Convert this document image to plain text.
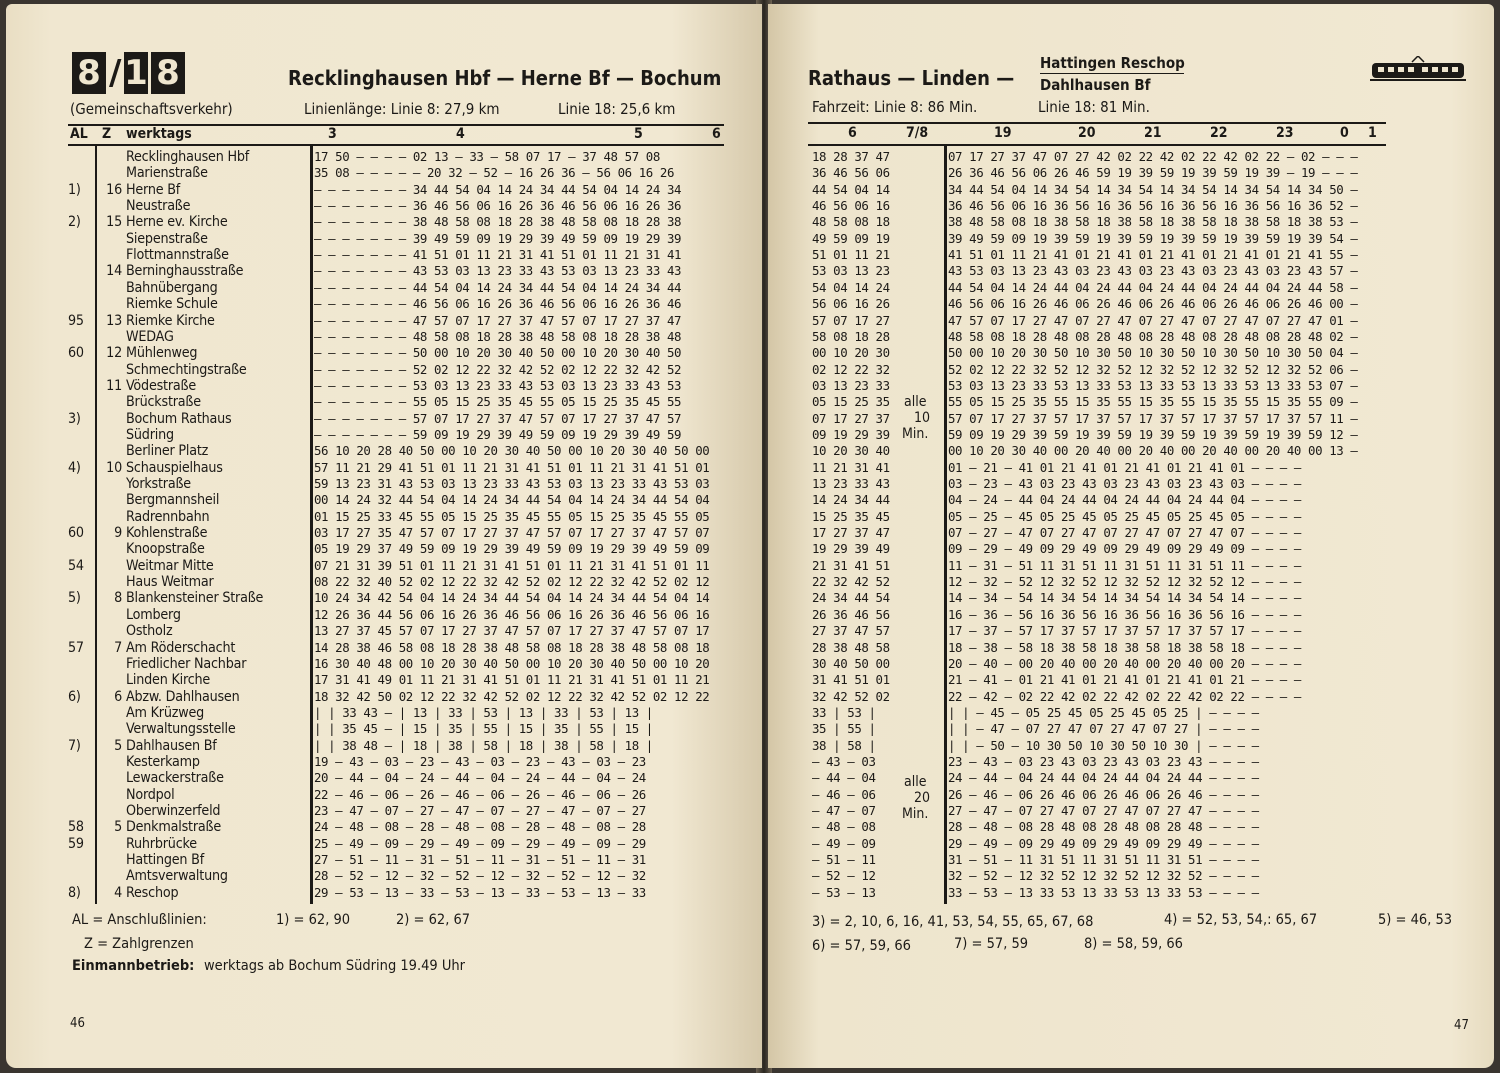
8 / 1 8	Recklinghausen Hbf — Herne Bf — Bochum
(Gemeinschaftsverkehr)	Linienlänge: Linie 8: 27,9 km	Linie 18: 25,6 km
AL Z werktags	3	4	5	6
Recklinghausen Hbf	17 50 — — — — 02 13 — 33 — 58 07 17 — 37 48 57 08
Marienstraße	35 08 — — — — — 20 32 — 52 — 16 26 36 — 56 06 16 26
1) 16 Herne Bf	— — — — — — — 34 44 54 04 14 24 34 44 54 04 14 24 34
Neustraße	— — — — — — — 36 46 56 06 16 26 36 46 56 06 16 26 36
2) 15 Herne ev. Kirche	— — — — — — — 38 48 58 08 18 28 38 48 58 08 18 28 38
Siepenstraße	— — — — — — — 39 49 59 09 19 29 39 49 59 09 19 29 39
Flottmannstraße	— — — — — — — 41 51 01 11 21 31 41 51 01 11 21 31 41
14 Berninghausstraße	— — — — — — — 43 53 03 13 23 33 43 53 03 13 23 33 43
Bahnübergang	— — — — — — — 44 54 04 14 24 34 44 54 04 14 24 34 44
Riemke Schule	— — — — — — — 46 56 06 16 26 36 46 56 06 16 26 36 46
95 13 Riemke Kirche	— — — — — — — 47 57 07 17 27 37 47 57 07 17 27 37 47
WEDAG	— — — — — — — 48 58 08 18 28 38 48 58 08 18 28 38 48
60 12 Mühlenweg	— — — — — — — 50 00 10 20 30 40 50 00 10 20 30 40 50
Schmechtingstraße	— — — — — — — 52 02 12 22 32 42 52 02 12 22 32 42 52
11 Vödestraße	— — — — — — — 53 03 13 23 33 43 53 03 13 23 33 43 53
Brückstraße	— — — — — — — 55 05 15 25 35 45 55 05 15 25 35 45 55
3)	Bochum Rathaus	— — — — — — — 57 07 17 27 37 47 57 07 17 27 37 47 57
Südring	— — — — — — — 59 09 19 29 39 49 59 09 19 29 39 49 59
Berliner Platz	56 10 20 28 40 50 00 10 20 30 40 50 00 10 20 30 40 50 00
4) 10 Schauspielhaus	57 11 21 29 41 51 01 11 21 31 41 51 01 11 21 31 41 51 01
Yorkstraße	59 13 23 31 43 53 03 13 23 33 43 53 03 13 23 33 43 53 03
Bergmannsheil	00 14 24 32 44 54 04 14 24 34 44 54 04 14 24 34 44 54 04
Radrennbahn	01 15 25 33 45 55 05 15 25 35 45 55 05 15 25 35 45 55 05
60	9 Kohlenstraße	03 17 27 35 47 57 07 17 27 37 47 57 07 17 27 37 47 57 07
Knoopstraße	05 19 29 37 49 59 09 19 29 39 49 59 09 19 29 39 49 59 09
54	Weitmar Mitte	07 21 31 39 51 01 11 21 31 41 51 01 11 21 31 41 51 01 11
Haus Weitmar	08 22 32 40 52 02 12 22 32 42 52 02 12 22 32 42 52 02 12
5)	8 Blankensteiner Straße	10 24 34 42 54 04 14 24 34 44 54 04 14 24 34 44 54 04 14
Lomberg	12 26 36 44 56 06 16 26 36 46 56 06 16 26 36 46 56 06 16
Ostholz	13 27 37 45 57 07 17 27 37 47 57 07 17 27 37 47 57 07 17
57	7 Am Röderschacht	14 28 38 46 58 08 18 28 38 48 58 08 18 28 38 48 58 08 18
Friedlicher Nachbar	16 30 40 48 00 10 20 30 40 50 00 10 20 30 40 50 00 10 20
Linden Kirche	17 31 41 49 01 11 21 31 41 51 01 11 21 31 41 51 01 11 21
6)	6 Abzw. Dahlhausen	18 32 42 50 02 12 22 32 42 52 02 12 22 32 42 52 02 12 22
Am Krüzweg	| | 33 43 — | 13 | 33 | 53 | 13 | 33 | 53 | 13 |
Verwaltungsstelle	| | 35 45 — | 15 | 35 | 55 | 15 | 35 | 55 | 15 |
7)	5 Dahlhausen Bf	| | 38 48 — | 18 | 38 | 58 | 18 | 38 | 58 | 18 |
Kesterkamp	19 — 43 — 03 — 23 — 43 — 03 — 23 — 43 — 03 — 23
Lewackerstraße	20 — 44 — 04 — 24 — 44 — 04 — 24 — 44 — 04 — 24
Nordpol	22 — 46 — 06 — 26 — 46 — 06 — 26 — 46 — 06 — 26
Oberwinzerfeld	23 — 47 — 07 — 27 — 47 — 07 — 27 — 47 — 07 — 27
58	5 Denkmalstraße	24 — 48 — 08 — 28 — 48 — 08 — 28 — 48 — 08 — 28
59	Ruhrbrücke	25 — 49 — 09 — 29 — 49 — 09 — 29 — 49 — 09 — 29
Hattingen Bf	27 — 51 — 11 — 31 — 51 — 11 — 31 — 51 — 11 — 31
Amtsverwaltung	28 — 52 — 12 — 32 — 52 — 12 — 32 — 52 — 12 — 32
8)	4 Reschop	29 — 53 — 13 — 33 — 53 — 13 — 33 — 53 — 13 — 33
AL = Anschlußlinien:	1) = 62, 90	2) = 62, 67
Z = Zahlgrenzen
Einmannbetrieb: werktags ab Bochum Südring 19.49 Uhr
46
Rathaus — Linden —
Hattingen Reschop
Dahlhausen Bf
Fahrzeit: Linie 8: 86 Min.	Linie 18: 81 Min.
6	7/8	19	20	21	22	23	0 1
alle
10
Min.
alle
20
Min.
18 28 37 47	07 17 27 37 47 07 27 42 02 22 42 02 22 42 02 22 — 02 — — —
36 46 56 06	26 36 46 56 06 26 46 59 19 39 59 19 39 59 19 39 — 19 — — —
44 54 04 14	34 44 54 04 14 34 54 14 34 54 14 34 54 14 34 54 14 34 50 —
46 56 06 16	36 46 56 06 16 36 56 16 36 56 16 36 56 16 36 56 16 36 52 —
48 58 08 18	38 48 58 08 18 38 58 18 38 58 18 38 58 18 38 58 18 38 53 —
49 59 09 19	39 49 59 09 19 39 59 19 39 59 19 39 59 19 39 59 19 39 54 —
51 01 11 21	41 51 01 11 21 41 01 21 41 01 21 41 01 21 41 01 21 41 55 —
53 03 13 23	43 53 03 13 23 43 03 23 43 03 23 43 03 23 43 03 23 43 57 —
54 04 14 24	44 54 04 14 24 44 04 24 44 04 24 44 04 24 44 04 24 44 58 —
56 06 16 26	46 56 06 16 26 46 06 26 46 06 26 46 06 26 46 06 26 46 00 —
57 07 17 27	47 57 07 17 27 47 07 27 47 07 27 47 07 27 47 07 27 47 01 —
58 08 18 28	48 58 08 18 28 48 08 28 48 08 28 48 08 28 48 08 28 48 02 —
00 10 20 30	50 00 10 20 30 50 10 30 50 10 30 50 10 30 50 10 30 50 04 —
02 12 22 32	52 02 12 22 32 52 12 32 52 12 32 52 12 32 52 12 32 52 06 —
03 13 23 33	53 03 13 23 33 53 13 33 53 13 33 53 13 33 53 13 33 53 07 —
05 15 25 35	55 05 15 25 35 55 15 35 55 15 35 55 15 35 55 15 35 55 09 —
07 17 27 37	57 07 17 27 37 57 17 37 57 17 37 57 17 37 57 17 37 57 11 —
09 19 29 39	59 09 19 29 39 59 19 39 59 19 39 59 19 39 59 19 39 59 12 —
10 20 30 40	00 10 20 30 40 00 20 40 00 20 40 00 20 40 00 20 40 00 13 —
11 21 31 41	01 — 21 — 41 01 21 41 01 21 41 01 21 41 01 — — — —
13 23 33 43	03 — 23 — 43 03 23 43 03 23 43 03 23 43 03 — — — —
14 24 34 44	04 — 24 — 44 04 24 44 04 24 44 04 24 44 04 — — — —
15 25 35 45	05 — 25 — 45 05 25 45 05 25 45 05 25 45 05 — — — —
17 27 37 47	07 — 27 — 47 07 27 47 07 27 47 07 27 47 07 — — — —
19 29 39 49	09 — 29 — 49 09 29 49 09 29 49 09 29 49 09 — — — —
21 31 41 51	11 — 31 — 51 11 31 51 11 31 51 11 31 51 11 — — — —
22 32 42 52	12 — 32 — 52 12 32 52 12 32 52 12 32 52 12 — — — —
24 34 44 54	14 — 34 — 54 14 34 54 14 34 54 14 34 54 14 — — — —
26 36 46 56	16 — 36 — 56 16 36 56 16 36 56 16 36 56 16 — — — —
27 37 47 57	17 — 37 — 57 17 37 57 17 37 57 17 37 57 17 — — — —
28 38 48 58	18 — 38 — 58 18 38 58 18 38 58 18 38 58 18 — — — —
30 40 50 00	20 — 40 — 00 20 40 00 20 40 00 20 40 00 20 — — — —
31 41 51 01	21 — 41 — 01 21 41 01 21 41 01 21 41 01 21 — — — —
32 42 52 02	22 — 42 — 02 22 42 02 22 42 02 22 42 02 22 — — — —
33 | 53 |	| | — 45 — 05 25 45 05 25 45 05 25 | — — — —
35 | 55 |	| | — 47 — 07 27 47 07 27 47 07 27 | — — — —
38 | 58 |	| | — 50 — 10 30 50 10 30 50 10 30 | — — — —
— 43 — 03	23 — 43 — 03 23 43 03 23 43 03 23 43 — — — —
— 44 — 04	24 — 44 — 04 24 44 04 24 44 04 24 44 — — — —
— 46 — 06	26 — 46 — 06 26 46 06 26 46 06 26 46 — — — —
— 47 — 07	27 — 47 — 07 27 47 07 27 47 07 27 47 — — — —
— 48 — 08	28 — 48 — 08 28 48 08 28 48 08 28 48 — — — —
— 49 — 09	29 — 49 — 09 29 49 09 29 49 09 29 49 — — — —
— 51 — 11	31 — 51 — 11 31 51 11 31 51 11 31 51 — — — —
— 52 — 12	32 — 52 — 12 32 52 12 32 52 12 32 52 — — — —
— 53 — 13	33 — 53 — 13 33 53 13 33 53 13 33 53 — — — —
3) = 2, 10, 6, 16, 41, 53, 54, 55, 65, 67, 68	4) = 52, 53, 54,: 65, 67	5) = 46, 53
6) = 57, 59, 66	7) = 57, 59	8) = 58, 59, 66
47
